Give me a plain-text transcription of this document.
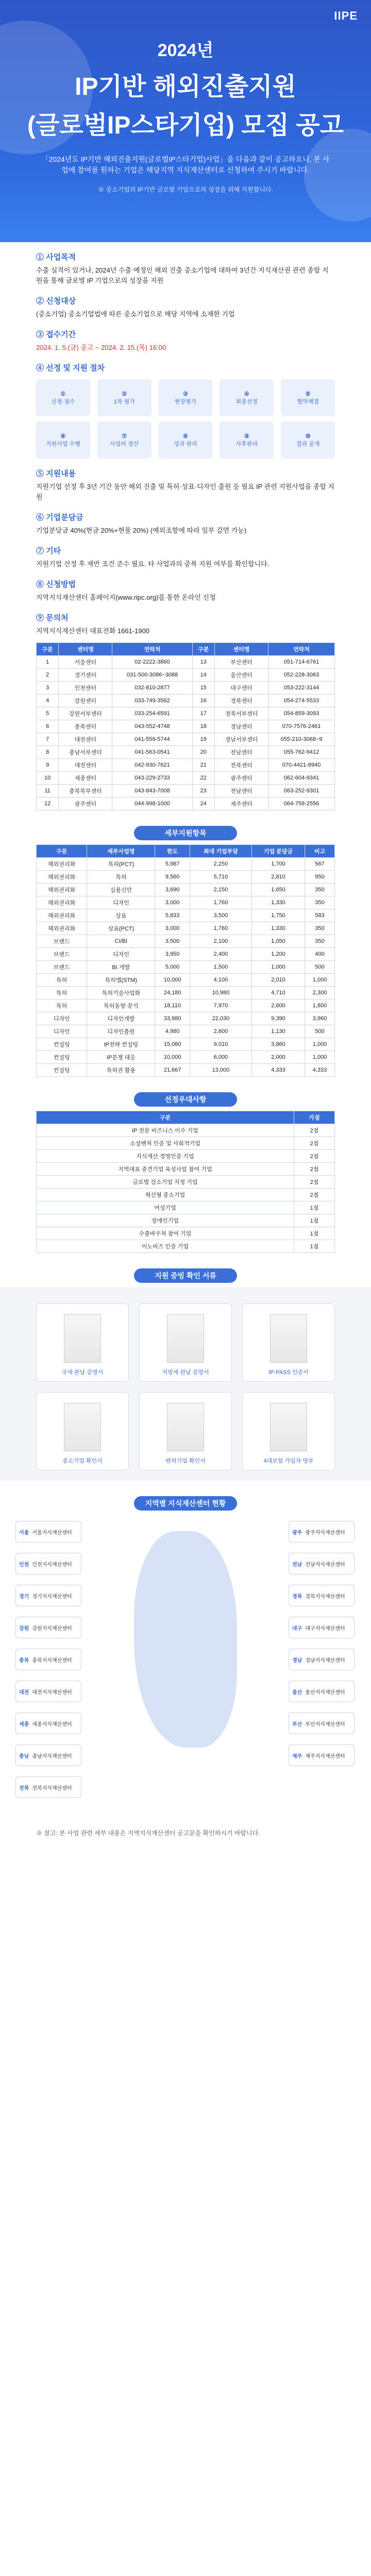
IIPE
2024년
IP기반 해외진출지원
(글로벌IP스타기업) 모집 공고
「2024년도 IP기반 해외진출지원(글로벌IP스타기업)사업」을 다음과 같이 공고하오니, 본 사업에 참여를 원하는 기업은 해당지역 지식재산센터로 신청하여 주시기 바랍니다.
※ 중소기업의 IP기반 글로벌 기업으로의 성장을 위해 지원합니다.
① 사업목적

수출 실적이 있거나, 2024년 수출 예정인 해외 진출 중소기업에 대하여 3년간 지식재산권 관련 종합 지원을 통해 글로벌 IP 기업으로의 성장을 지원

② 신청대상

(중소기업) 중소기업법에 따른 중소기업으로 해당 지역에 소재한 기업

③ 접수기간

2024. 1. 5.(금) 중고 ~ 2024. 2. 15.(목) 16:00

④ 선정 및 지원 절차
①
신청·접수
②
1차 평가
③
현장평가
④
최종선정
⑤
협약체결
⑥
지원사업 수행
⑦
사업비 정산
⑧
성과 관리
⑨
사후관리
⑩
결과 공개
⑤ 지원내용

지원기업 선정 후 3년 기간 동안 해외 진출 및 특허·상표·디자인 출원 등 필요 IP 관련 지원사업을 종합 지원

⑥ 기업분담금

기업분담금 40%(현금 20%+현물 20%) (예외조항에 따라 일부 감면 가능)

⑦ 기타

지원기업 선정 후 제반 조건 준수 필요. 타 사업과의 중복 지원 여부를 확인합니다.

⑧ 신청방법

지역지식재산센터 홈페이지(www.ripc.org)를 통한 온라인 신청

⑨ 문의처

지역지식재산센터 대표전화 1661-1900

구분	센터명	연락처	구분	센터명	연락처
1	서울센터	02-2222-3860	13	부산센터	051-714-6761
2	경기센터	031-500-3086~3088	14	울산센터	052-228-3063
3	인천센터	032-810-2877	15	대구센터	053-222-3144
4	강원센터	033-749-3562	16	경북센터	054-274-5533
5	강원서부센터	033-254-6591	17	경북서부센터	054-859-3093
6	충북센터	043-552-4748	18	경남센터	070-7576-2461
7	대전센터	041-559-5744	19	경남서부센터	055-210-3068~9
8	충남서부센터	041-563-0541	20	전남센터	055-762-9412
9	대전센터	042-930-7621	21	전북센터	070-4421-8940
10	세종센터	043-229-2733	22	광주센터	062-604-9341
11	충북북부센터	043-843-7008	23	전남센터	063-252-9301
12	광주센터	044-998-1000	24	제주센터	064-759-2556
세부지원항목
구분	세부사업명	한도	최대 기업부담	기업 분담금	비고
해외권리화	특허(PCT)	5,987	2,250	1,700	567
해외권리화	특허	9,560	5,710	2,810	950
해외권리화	실용신안	3,690	2,150	1,650	350
해외권리화	디자인	3,000	1,760	1,330	350
해외권리화	상표	5,833	3,500	1,750	583
해외권리화	상표(PCT)	3,000	1,760	1,330	350
브랜드	CI/BI	3,500	2,100	1,050	350
브랜드	디자인	3,950	2,400	1,200	400
브랜드	BI 개발	5,000	1,500	1,000	500
특허	특허맵(STM)	10,000	4,100	2,010	1,000
특허	특허기술사업화	24,180	10,980	4,710	2,300
특허	특허동향·분석	18,110	7,970	2,600	1,800
디자인	디자인개발	33,980	22,030	9,390	3,960
디자인	디자인출원	4,980	2,600	1,130	500
컨설팅	IP전략 컨설팅	15,080	9,010	3,860	1,000
컨설팅	IP분쟁 대응	10,000	6,000	2,000	1,000
컨설팅	특허권 활용	21,667	13,000	4,333	4,333
선정우대사항
구분	가점
IP 전문 비즈니스 이수 기업	2점
소셜벤처 인증 및 사회적기업	2점
지식재산 경영인증 기업	2점
지역대표 중견기업 육성사업 참여 기업	2점
글로벌 강소기업 지정 기업	2점
혁신형 중소기업	2점
여성기업	1점
장애인기업	1점
수출바우처 참여 기업	1점
이노비즈 인증 기업	1점
지원 증빙 확인 서류
국세 완납 증명서	지방세 완납 증명서	IP-PASS 인증서
중소기업 확인서	벤처기업 확인서	4대보험 가입자 명부
지역별 지식재산센터 현황
서울 서울지식재산센터
인천 인천지식재산센터
경기 경기지식재산센터
강원 강원지식재산센터
충북 충북지식재산센터
대전 대전지식재산센터
세종 세종지식재산센터
충남 충남지식재산센터
전북 전북지식재산센터
광주 광주지식재산센터
전남 전남지식재산센터
경북 경북지식재산센터
대구 대구지식재산센터
경남 경남지식재산센터
울산 울산지식재산센터
부산 부산지식재산센터
제주 제주지식재산센터

※ 참고: 본 사업 관련 세부 내용은 지역지식재산센터 공고문을 확인하시기 바랍니다.
